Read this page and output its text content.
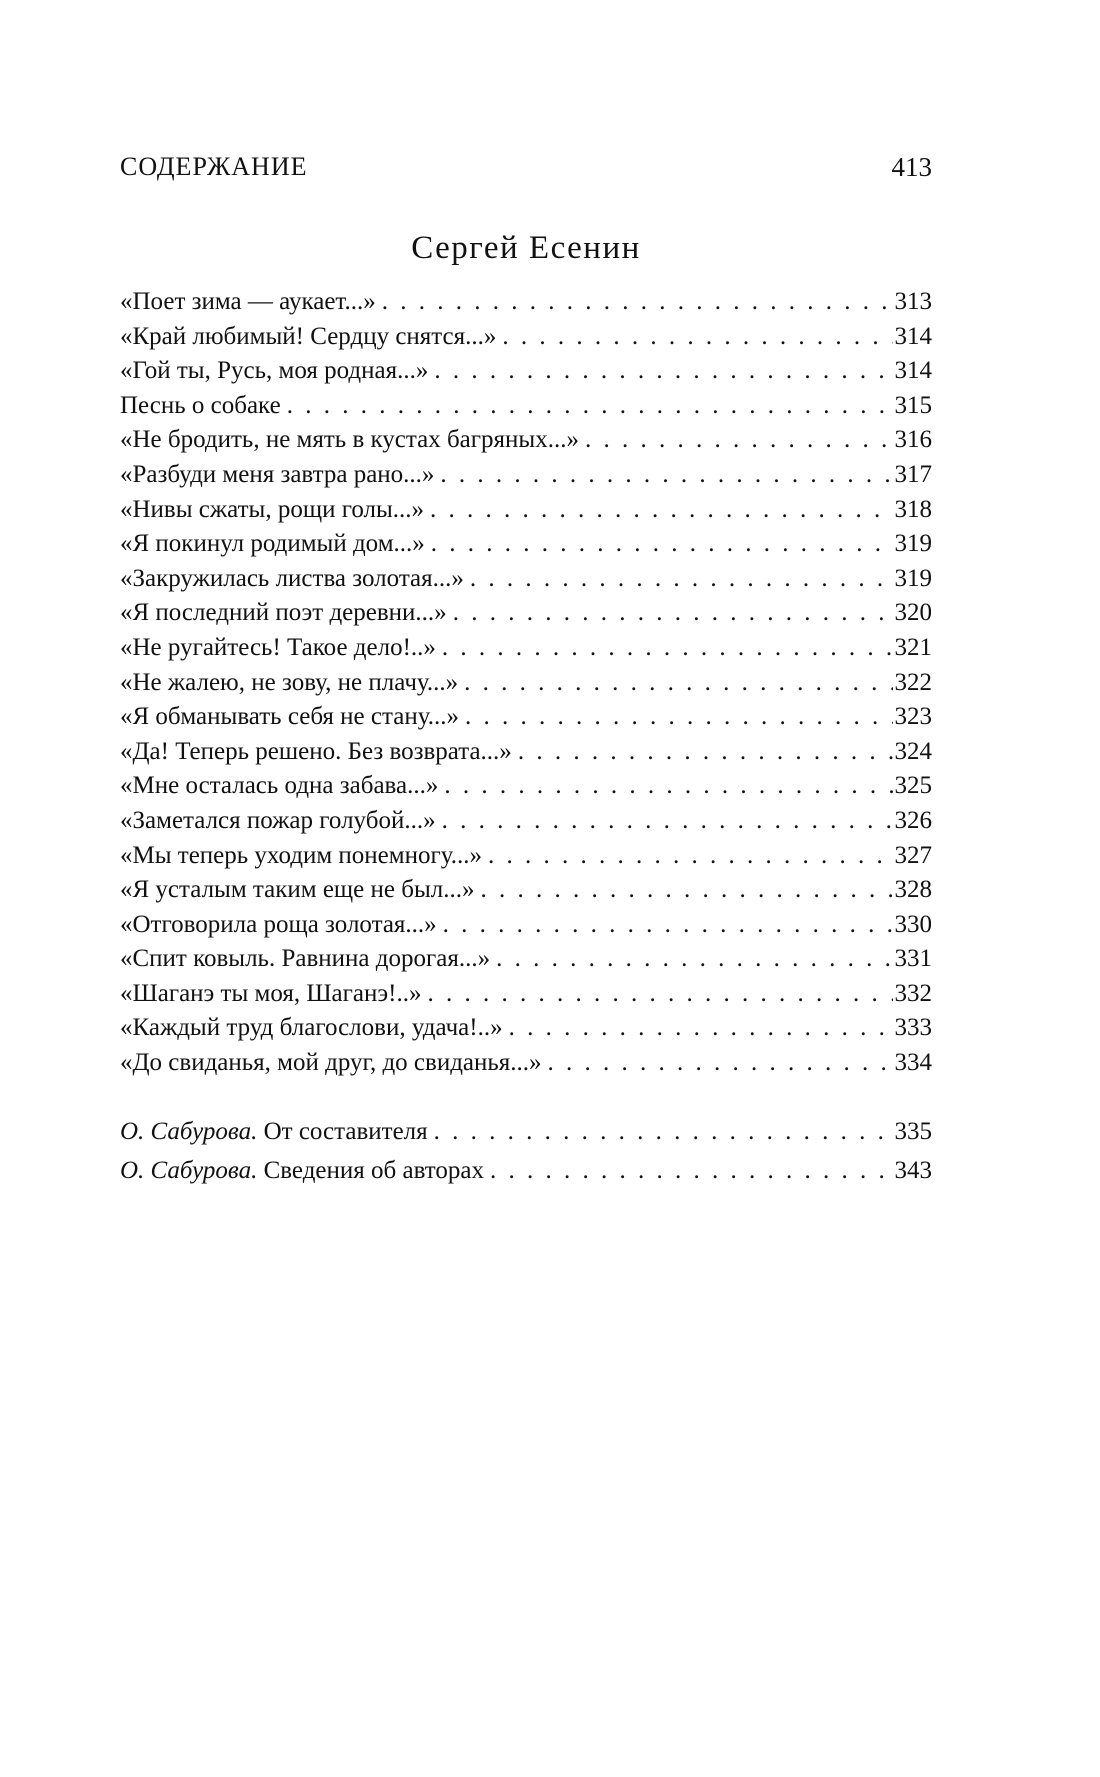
СОДЕРЖАНИЕ	413
Сергей Есенин
«Поет зима — аукает...» . . .	313
«Край любимый! Сердцу снятся...» . . .	314
«Гой ты, Русь, моя родная...» . . .	314
Песнь о собаке . . .	315
«Не бродить, не мять в кустах багряных...» . . .	316
«Разбуди меня завтра рано...» . . .	317
«Нивы сжаты, рощи голы...» . . .	318
«Я покинул родимый дом...» . . .	319
«Закружилась листва золотая...» . . .	319
«Я последний поэт деревни...» . . .	320
«Не ругайтесь! Такое дело!..» . . .	321
«Не жалею, не зову, не плачу...» . . .	322
«Я обманывать себя не стану...» . . .	323
«Да! Теперь решено. Без возврата...» . . .	324
«Мне осталась одна забава...» . . .	325
«Заметался пожар голубой...» . . .	326
«Мы теперь уходим понемногу...» . . .	327
«Я усталым таким еще не был...» . . .	328
«Отговорила роща золотая...» . . .	330
«Спит ковыль. Равнина дорогая...» . . .	331
«Шаганэ ты моя, Шаганэ!..» . . .	332
«Каждый труд благослови, удача!..» . . .	333
«До свиданья, мой друг, до свиданья...» . . .	334
О. Сабурова. От составителя . . .	335
О. Сабурова. Сведения об авторах . . .	343
